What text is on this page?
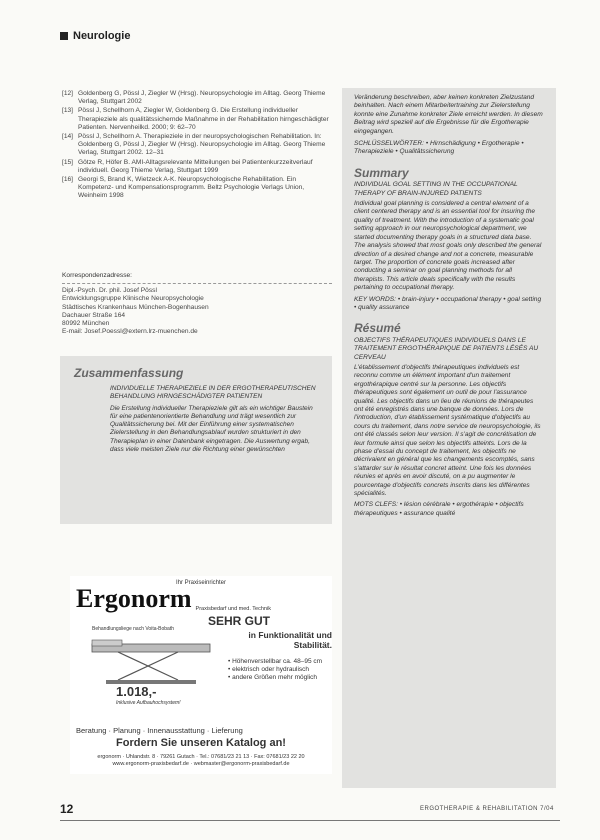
Neurologie
[12] Goldenberg G, Pössl J, Ziegler W (Hrsg). Neuropsychologie im Alltag. Georg Thieme Verlag, Stuttgart 2002
[13] Pössl J, Schellhorn A, Ziegler W, Goldenberg G. Die Erstellung individueller Therapieziele als qualitätssichernde Maßnahme in der Rehabilitation hirngeschädigter Patienten. Nervenheilkd. 2000; 9: 62–70
[14] Pössl J, Schellhorn A. Therapieziele in der neuropsychologischen Rehabilitation. In: Goldenberg G, Pössl J, Ziegler W (Hrsg). Neuropsychologie im Alltag. Georg Thieme Verlag, Stuttgart 2002. 12–31
[15] Götze R, Höfer B. AMI-Alltagsrelevante Mitteilungen bei Patientenkurzzeitverlauf individuell. Georg Thieme Verlag, Stuttgart 1999
[16] Georgi S, Brand K, Wietzeck A-K. Neuropsychologische Rehabilitation. Ein Kompetenz- und Kompensationsprogramm. Beltz Psychologie Verlags Union, Weinheim 1998
Korrespondenzadresse:
Dipl.-Psych. Dr. phil. Josef Pössl
Entwicklungsgruppe Klinische Neuropsychologie
Städtisches Krankenhaus München-Bogenhausen
Dachauer Straße 164
80992 München
E-mail: Josef.Poessl@extern.lrz-muenchen.de
Zusammenfassung
INDIVIDUELLE THERAPIEZIELE IN DER ERGOTHERAPEUTISCHEN BEHANDLUNG HIRNGESCHÄDIGTER PATIENTEN
Die Erstellung individueller Therapieziele gilt als ein wichtiger Baustein für eine patientenorientierte Behandlung und trägt wesentlich zur Qualitätssicherung bei. Mit der Einführung einer systematischen Zielerstellung in den Behandlungsablauf wurden strukturiert in den Therapieplan in einer Datenbank eingetragen. Die Auswertung ergab, dass viele meisten Ziele nur die Richtung einer gewünschten
Ihr Praxiseinrichter
Ergonorm Praxisbedarf und med. Technik
SEHR GUT
in Funktionalität und Stabilität.
Behandlungsliege nach Voita-Bobath
1.018,-
Inklusive Aufbauhochsystem!
• Höhenverstellbar ca. 48–95 cm
• elektrisch oder hydraulisch
• andere Größen mehr möglich
Beratung · Planung · Innenausstattung · Lieferung
Fordern Sie unseren Katalog an!
ergonorm · Uhlandstr. 8 · 79261 Gutach · Tel.: 07681/23 21 13 · Fax: 07681/23 22 20
www.ergonorm-praxisbedarf.de · webmaster@ergonorm-praxisbedarf.de
Veränderung beschreiben, aber keinen konkreten Zielzustand beinhalten. Nach einem Mitarbeitertraining zur Zielerstellung konnte eine Zunahme konkreter Ziele erreicht werden. In diesem Beitrag wird speziell auf die Ergebnisse für die Ergotherapie eingegangen.
SCHLÜSSELWÖRTER: • Hirnschädigung • Ergotherapie • Therapieziele • Qualitätssicherung
Summary
INDIVIDUAL GOAL SETTING IN THE OCCUPATIONAL THERAPY OF BRAIN-INJURED PATIENTS
Individual goal planning is considered a central element of a client centered therapy and is an essential tool for insuring the quality of treatment. With the introduction of a systematic goal setting approach in our neuropsychological department, we started documenting therapy goals in a structured data base. The analysis showed that most goals only described the general direction of a desired change and not a concrete, measurable target. The proportion of concrete goals increased after conducting a seminar on goal planning methods for all therapists. This article deals specifically with the results pertaining to occupational therapy.
KEY WORDS: • brain-injury • occupational therapy • goal setting • quality assurance
Résumé
OBJECTIFS THÉRAPEUTIQUES INDIVIDUELS DANS LE TRAITEMENT ERGOTHÉRAPIQUE DE PATIENTS LÉSÉS AU CERVEAU
L'établissement d'objectifs thérapeutiques individuels est reconnu comme un élément important d'un traitement ergothérapique centré sur la personne. Les objectifs thérapeutiques sont également un outil de pour l'assurance qualité. Les objectifs dans un lieu de réunions de thérapeutes ont été enregistrés dans une banque de données. Lors de l'introduction, d'un établissement systématique d'objectifs au cours du traitement, dans notre service de neuropsychologie, ils ont été classés selon leur version. Il s'agit de concrétisation de leur formule ainsi que selon les objectifs atteints. Lors de la phase d'essai du concept de traitement, les objectifs ne décrivaient en général que les changements escomptés, sans s'attarder sur le résultat concret atteint. Une fois les données réunies et après en avoir discuté, on a pu augmenter le pourcentage d'objectifs concrets inscrits dans les différentes spécialités.
MOTS CLEFS: • lésion cérébrale • ergothérapie • objectifs thérapeutiques • assurance qualité
12	ERGOTHERAPIE & REHABILITATION 7/04
